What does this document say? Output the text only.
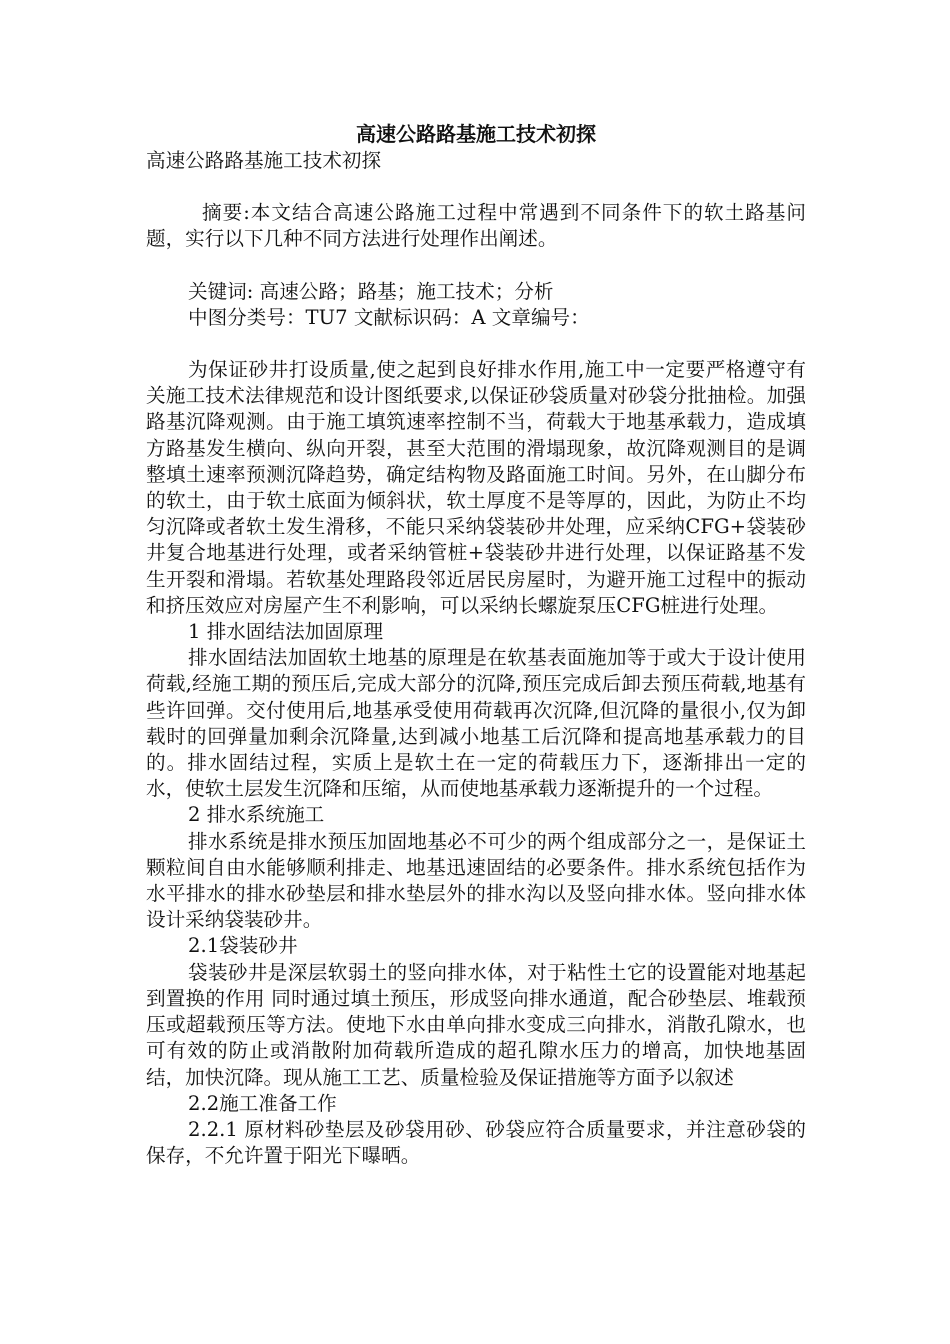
高速公路路基施工技术初探

高速公路路基施工技术初探

摘要:本文结合高速公路施工过程中常遇到不同条件下的软土路基问题，实行以下几种不同方法进行处理作出阐述。

关键词: 高速公路；路基；施工技术；分析

中图分类号：TU7 文献标识码：A 文章编号：

为保证砂井打设质量,使之起到良好排水作用,施工中一定要严格遵守有关施工技术法律规范和设计图纸要求,以保证砂袋质量对砂袋分批抽检。加强路基沉降观测。由于施工填筑速率控制不当，荷载大于地基承载力，造成填方路基发生横向、纵向开裂，甚至大范围的滑塌现象，故沉降观测目的是调整填土速率预测沉降趋势，确定结构物及路面施工时间。另外，在山脚分布的软土，由于软土底面为倾斜状，软土厚度不是等厚的，因此，为防止不均匀沉降或者软土发生滑移，不能只采纳袋装砂井处理，应采纳CFG+袋装砂井复合地基进行处理，或者采纳管桩+袋装砂井进行处理，以保证路基不发生开裂和滑塌。若软基处理路段邻近居民房屋时，为避开施工过程中的振动和挤压效应对房屋产生不利影响，可以采纳长螺旋泵压CFG桩进行处理。

1 排水固结法加固原理

排水固结法加固软土地基的原理是在软基表面施加等于或大于设计使用荷载,经施工期的预压后,完成大部分的沉降,预压完成后卸去预压荷载,地基有些许回弹。交付使用后,地基承受使用荷载再次沉降,但沉降的量很小,仅为卸载时的回弹量加剩余沉降量,达到减小地基工后沉降和提高地基承载力的目的。排水固结过程，实质上是软土在一定的荷载压力下，逐渐排出一定的水，使软土层发生沉降和压缩，从而使地基承载力逐渐提升的一个过程。

2 排水系统施工

排水系统是排水预压加固地基必不可少的两个组成部分之一，是保证土颗粒间自由水能够顺利排走、地基迅速固结的必要条件。排水系统包括作为水平排水的排水砂垫层和排水垫层外的排水沟以及竖向排水体。竖向排水体设计采纳袋装砂井。

2.1袋装砂井

袋装砂井是深层软弱土的竖向排水体，对于粘性土它的设置能对地基起到置换的作用 同时通过填土预压，形成竖向排水通道，配合砂垫层、堆载预压或超载预压等方法。使地下水由单向排水变成三向排水，消散孔隙水，也可有效的防止或消散附加荷载所造成的超孔隙水压力的增高，加快地基固结，加快沉降。现从施工工艺、质量检验及保证措施等方面予以叙述

2.2施工准备工作

2.2.1 原材料砂垫层及砂袋用砂、砂袋应符合质量要求，并注意砂袋的保存，不允许置于阳光下曝晒。
